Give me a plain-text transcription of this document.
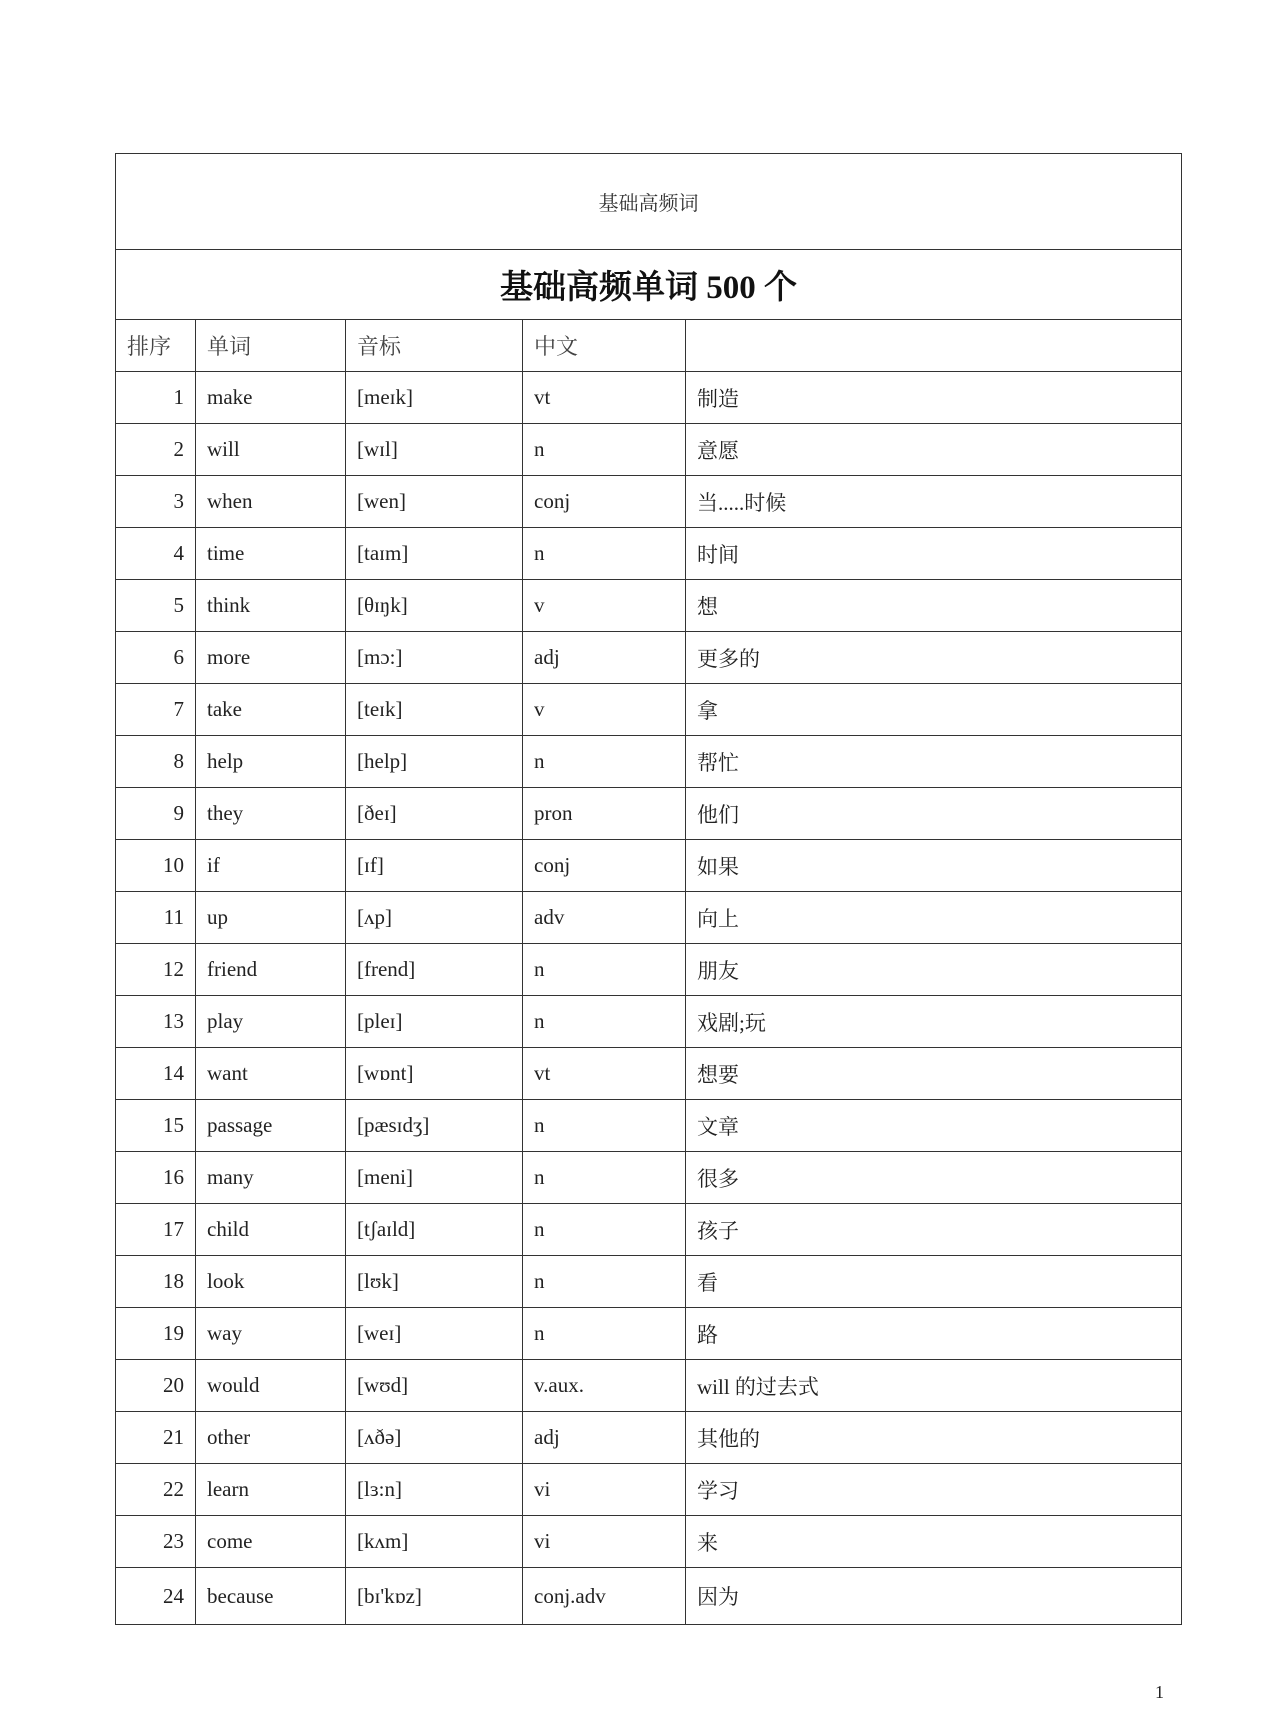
基础高频词				
基础高频单词 500 个				
排序	单词	音标	中文	
1	make	[meɪk]	vt	制造
2	will	[wɪl]	n	意愿
3	when	[wen]	conj	当.....时候
4	time	[taɪm]	n	时间
5	think	[θɪŋk]	v	想
6	more	[mɔ:]	adj	更多的
7	take	[teɪk]	v	拿
8	help	[help]	n	帮忙
9	they	[ðeɪ]	pron	他们
10	if	[ɪf]	conj	如果
11	up	[ʌp]	adv	向上
12	friend	[frend]	n	朋友
13	play	[pleɪ]	n	戏剧;玩
14	want	[wɒnt]	vt	想要
15	passage	[pæsɪdʒ]	n	文章
16	many	[meni]	n	很多
17	child	[tʃaɪld]	n	孩子
18	look	[lʊk]	n	看
19	way	[weɪ]	n	路
20	would	[wʊd]	v.aux.	will 的过去式
21	other	[ʌðə]	adj	其他的
22	learn	[lɜ:n]	vi	学习
23	come	[kʌm]	vi	来
24	because	[bɪ'kɒz]	conj.adv	因为
1
